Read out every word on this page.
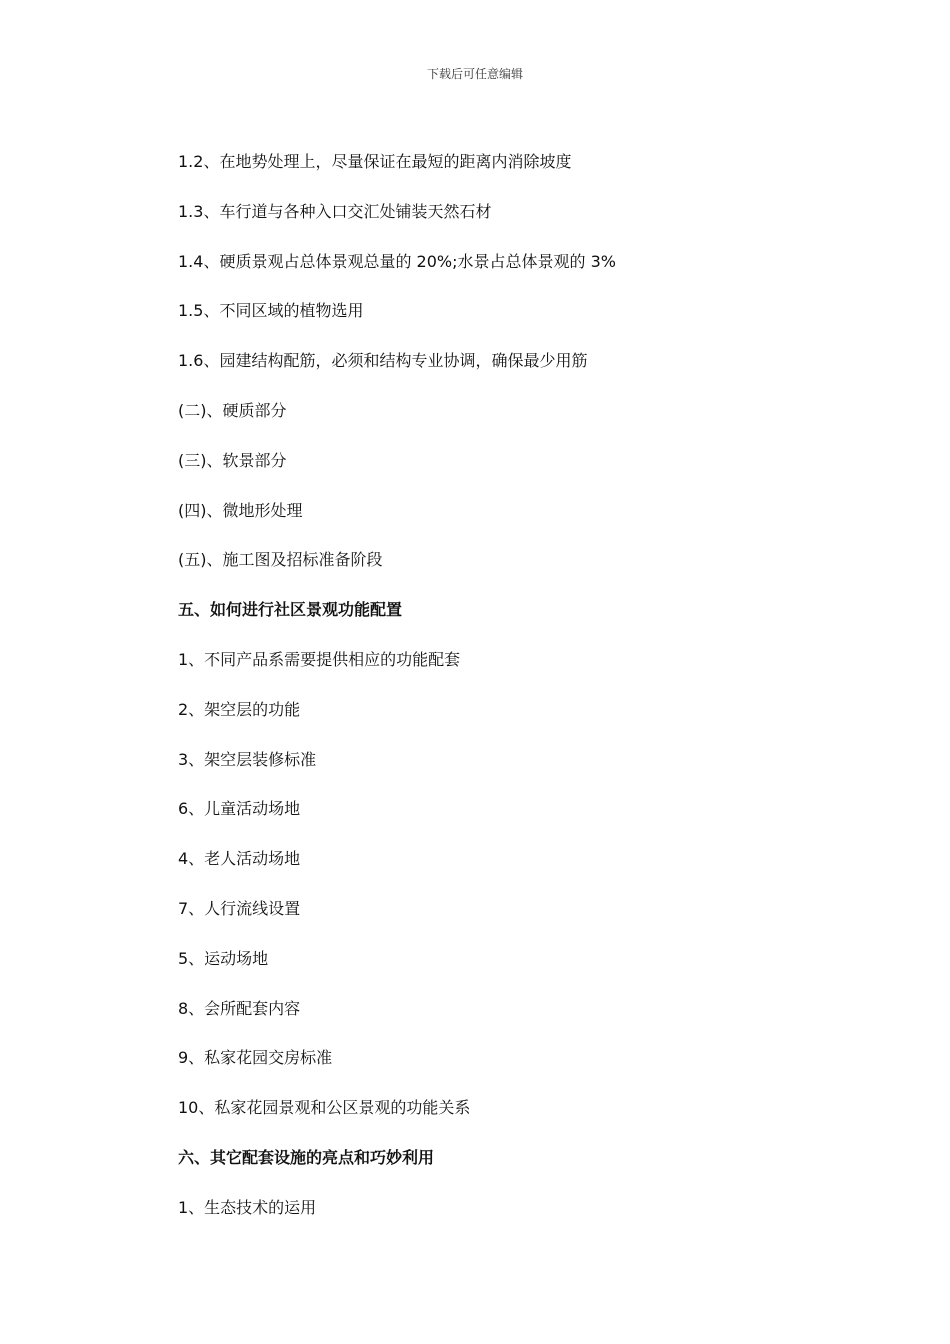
下载后可任意编辑
1.2、在地势处理上，尽量保证在最短的距离内消除坡度
1.3、车行道与各种入口交汇处铺装天然石材
1.4、硬质景观占总体景观总量的 20%;水景占总体景观的 3%
1.5、不同区域的植物选用
1.6、园建结构配筋，必须和结构专业协调，确保最少用筋
(二)、硬质部分
(三)、软景部分
(四)、微地形处理
(五)、施工图及招标准备阶段
五、如何进行社区景观功能配置
1、不同产品系需要提供相应的功能配套
2、架空层的功能
3、架空层装修标准
6、儿童活动场地
4、老人活动场地
7、人行流线设置
5、运动场地
8、会所配套内容
9、私家花园交房标准
10、私家花园景观和公区景观的功能关系
六、其它配套设施的亮点和巧妙利用
1、生态技术的运用
